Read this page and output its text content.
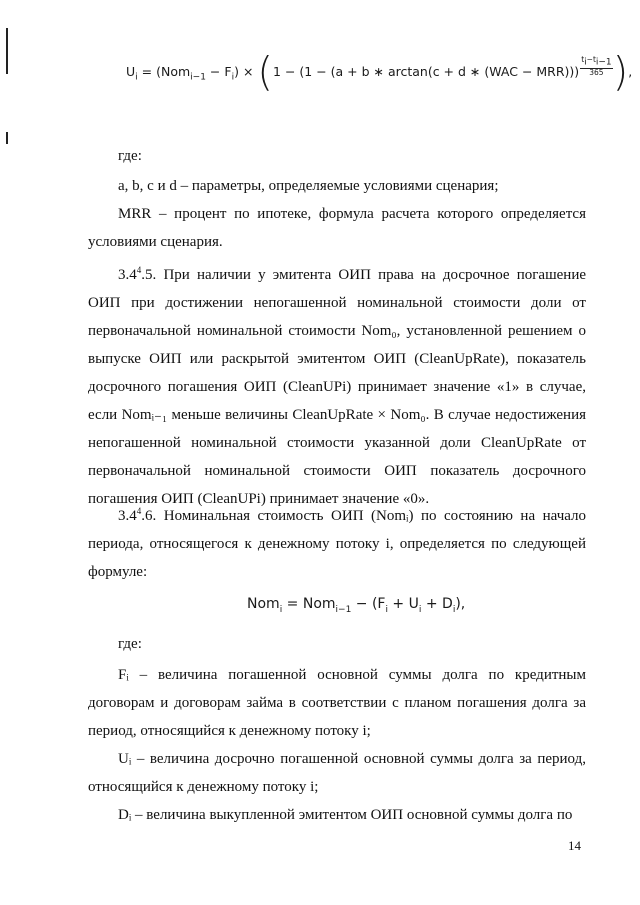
$U_i = (Nom_{i-1} - F_i) \times (1 - (1 - (a + b$ ∗ arctan(c + d ∗ $(WAC - MRR))) \frac{t_i-t_{i-1}}{365}$ ),
где:

a, b, c и d – параметры, определяемые условиями сценария;

MRR – процент по ипотеке, формула расчета которого определяется условиями сценария.

$3.4^4.5$. При наличии у эмитента ОИП права на досрочное погашение ОИП при достижении непогашенной номинальной стоимости доли от первоначальной номинальной стоимости Nom₀, установленной решением о выпуске ОИП или раскрытой эмитентом ОИП (CleanUpRate), показатель досрочного погашения ОИП (CleanUPi) принимает значение «1» в случае, если Nomᵢ₋₁ меньше величины CleanUpRate × Nom₀. В случае недостижения непогашенной номинальной стоимости указанной доли CleanUpRate от первоначальной номинальной стоимости ОИП показатель досрочного погашения ОИП (CleanUPi) принимает значение «0».

$3.4^4.6$. Номинальная стоимость ОИП (Nomᵢ) по состоянию на начало периода, относящегося к денежному потоку i, определяется по следующей формуле:

$Nom_i = Nom_{i-1} - (F_i + U_i + D_i)$,
где:

Fᵢ – величина погашенной основной суммы долга по кредитным договорам и договорам займа в соответствии с планом погашения долга за период, относящийся к денежному потоку i;

Uᵢ – величина досрочно погашенной основной суммы долга за период, относящийся к денежному потоку i;

Dᵢ – величина выкупленной эмитентом ОИП основной суммы долга по

14
